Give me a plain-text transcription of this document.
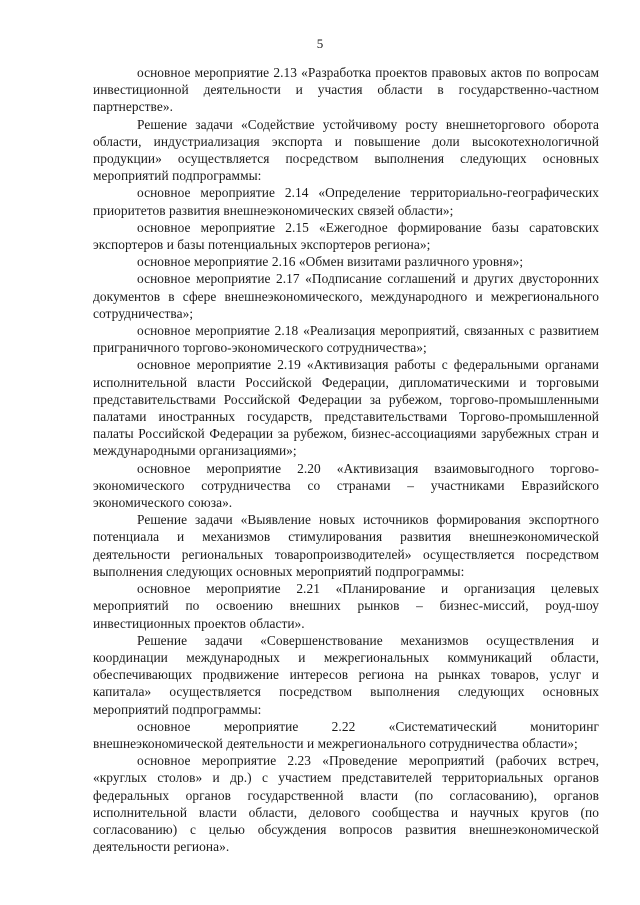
5

основное мероприятие 2.13 «Разработка проектов правовых актов по вопросам инвестиционной деятельности и участия области в государственно-частном партнерстве».

Решение задачи «Содействие устойчивому росту внешнеторгового оборота области, индустриализация экспорта и повышение доли высокотехнологичной продукции» осуществляется посредством выполнения следующих основных мероприятий подпрограммы:

основное мероприятие 2.14 «Определение территориально-географических приоритетов развития внешнеэкономических связей области»;

основное мероприятие 2.15 «Ежегодное формирование базы саратовских экспортеров и базы потенциальных экспортеров региона»;

основное мероприятие 2.16 «Обмен визитами различного уровня»;

основное мероприятие 2.17 «Подписание соглашений и других двусторонних документов в сфере внешнеэкономического, международного и межрегионального сотрудничества»;

основное мероприятие 2.18 «Реализация мероприятий, связанных с развитием приграничного торгово-экономического сотрудничества»;

основное мероприятие 2.19 «Активизация работы с федеральными органами исполнительной власти Российской Федерации, дипломатическими и торговыми представительствами Российской Федерации за рубежом, торгово-промышленными палатами иностранных государств, представительствами Торгово-промышленной палаты Российской Федерации за рубежом, бизнес-ассоциациями зарубежных стран и международными организациями»;

основное мероприятие 2.20 «Активизация взаимовыгодного торгово-экономического сотрудничества со странами – участниками Евразийского экономического союза».

Решение задачи «Выявление новых источников формирования экспортного потенциала и механизмов стимулирования развития внешнеэкономической деятельности региональных товаропроизводителей» осуществляется посредством выполнения следующих основных мероприятий подпрограммы:

основное мероприятие 2.21 «Планирование и организация целевых мероприятий по освоению внешних рынков – бизнес-миссий, роуд-шоу инвестиционных проектов области».

Решение задачи «Совершенствование механизмов осуществления и координации международных и межрегиональных коммуникаций области, обеспечивающих продвижение интересов региона на рынках товаров, услуг и капитала» осуществляется посредством выполнения следующих основных мероприятий подпрограммы:

основное мероприятие 2.22 «Систематический мониторинг внешнеэкономической деятельности и межрегионального сотрудничества области»;

основное мероприятие 2.23 «Проведение мероприятий (рабочих встреч, «круглых столов» и др.) с участием представителей территориальных органов федеральных органов государственной власти (по согласованию), органов исполнительной власти области, делового сообщества и научных кругов (по согласованию) с целью обсуждения вопросов развития внешнеэкономической деятельности региона».
